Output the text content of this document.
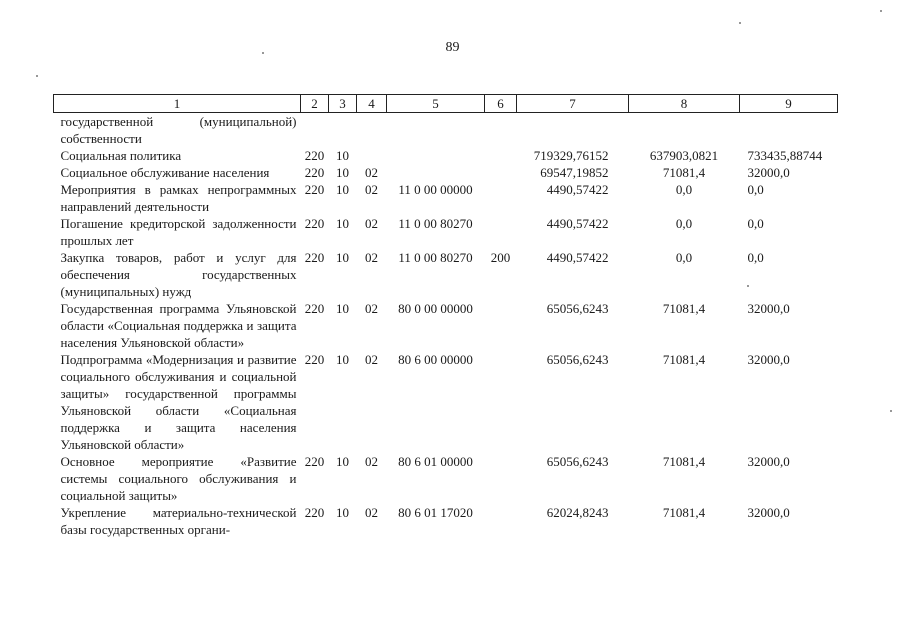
89
1	2	3	4	5	6	7	8	9
государственной (муниципальной) собственности								
Социальная политика	220	10				719329,76152	637903,0821	733435,88744
Социальное обслуживание населения	220	10	02			69547,19852	71081,4	32000,0
Мероприятия в рамках непрограммных направлений деятельности	220	10	02	11 0 00 00000		4490,57422	0,0	0,0
Погашение кредиторской задолженности прошлых лет	220	10	02	11 0 00 80270		4490,57422	0,0	0,0
Закупка товаров, работ и услуг для обеспечения государственных (муниципальных) нужд	220	10	02	11 0 00 80270	200	4490,57422	0,0	0,0
Государственная программа Ульяновской области «Социальная поддержка и защита населения Ульяновской области»	220	10	02	80 0 00 00000		65056,6243	71081,4	32000,0
Подпрограмма «Модернизация и развитие социального обслуживания и социальной защиты» государственной программы Ульяновской области «Социальная поддержка и защита населения Ульяновской области»	220	10	02	80 6 00 00000		65056,6243	71081,4	32000,0
Основное мероприятие «Развитие системы социального обслуживания и социальной защиты»	220	10	02	80 6 01 00000		65056,6243	71081,4	32000,0
Укрепление материально-технической базы государственных органи-	220	10	02	80 6 01 17020		62024,8243	71081,4	32000,0
